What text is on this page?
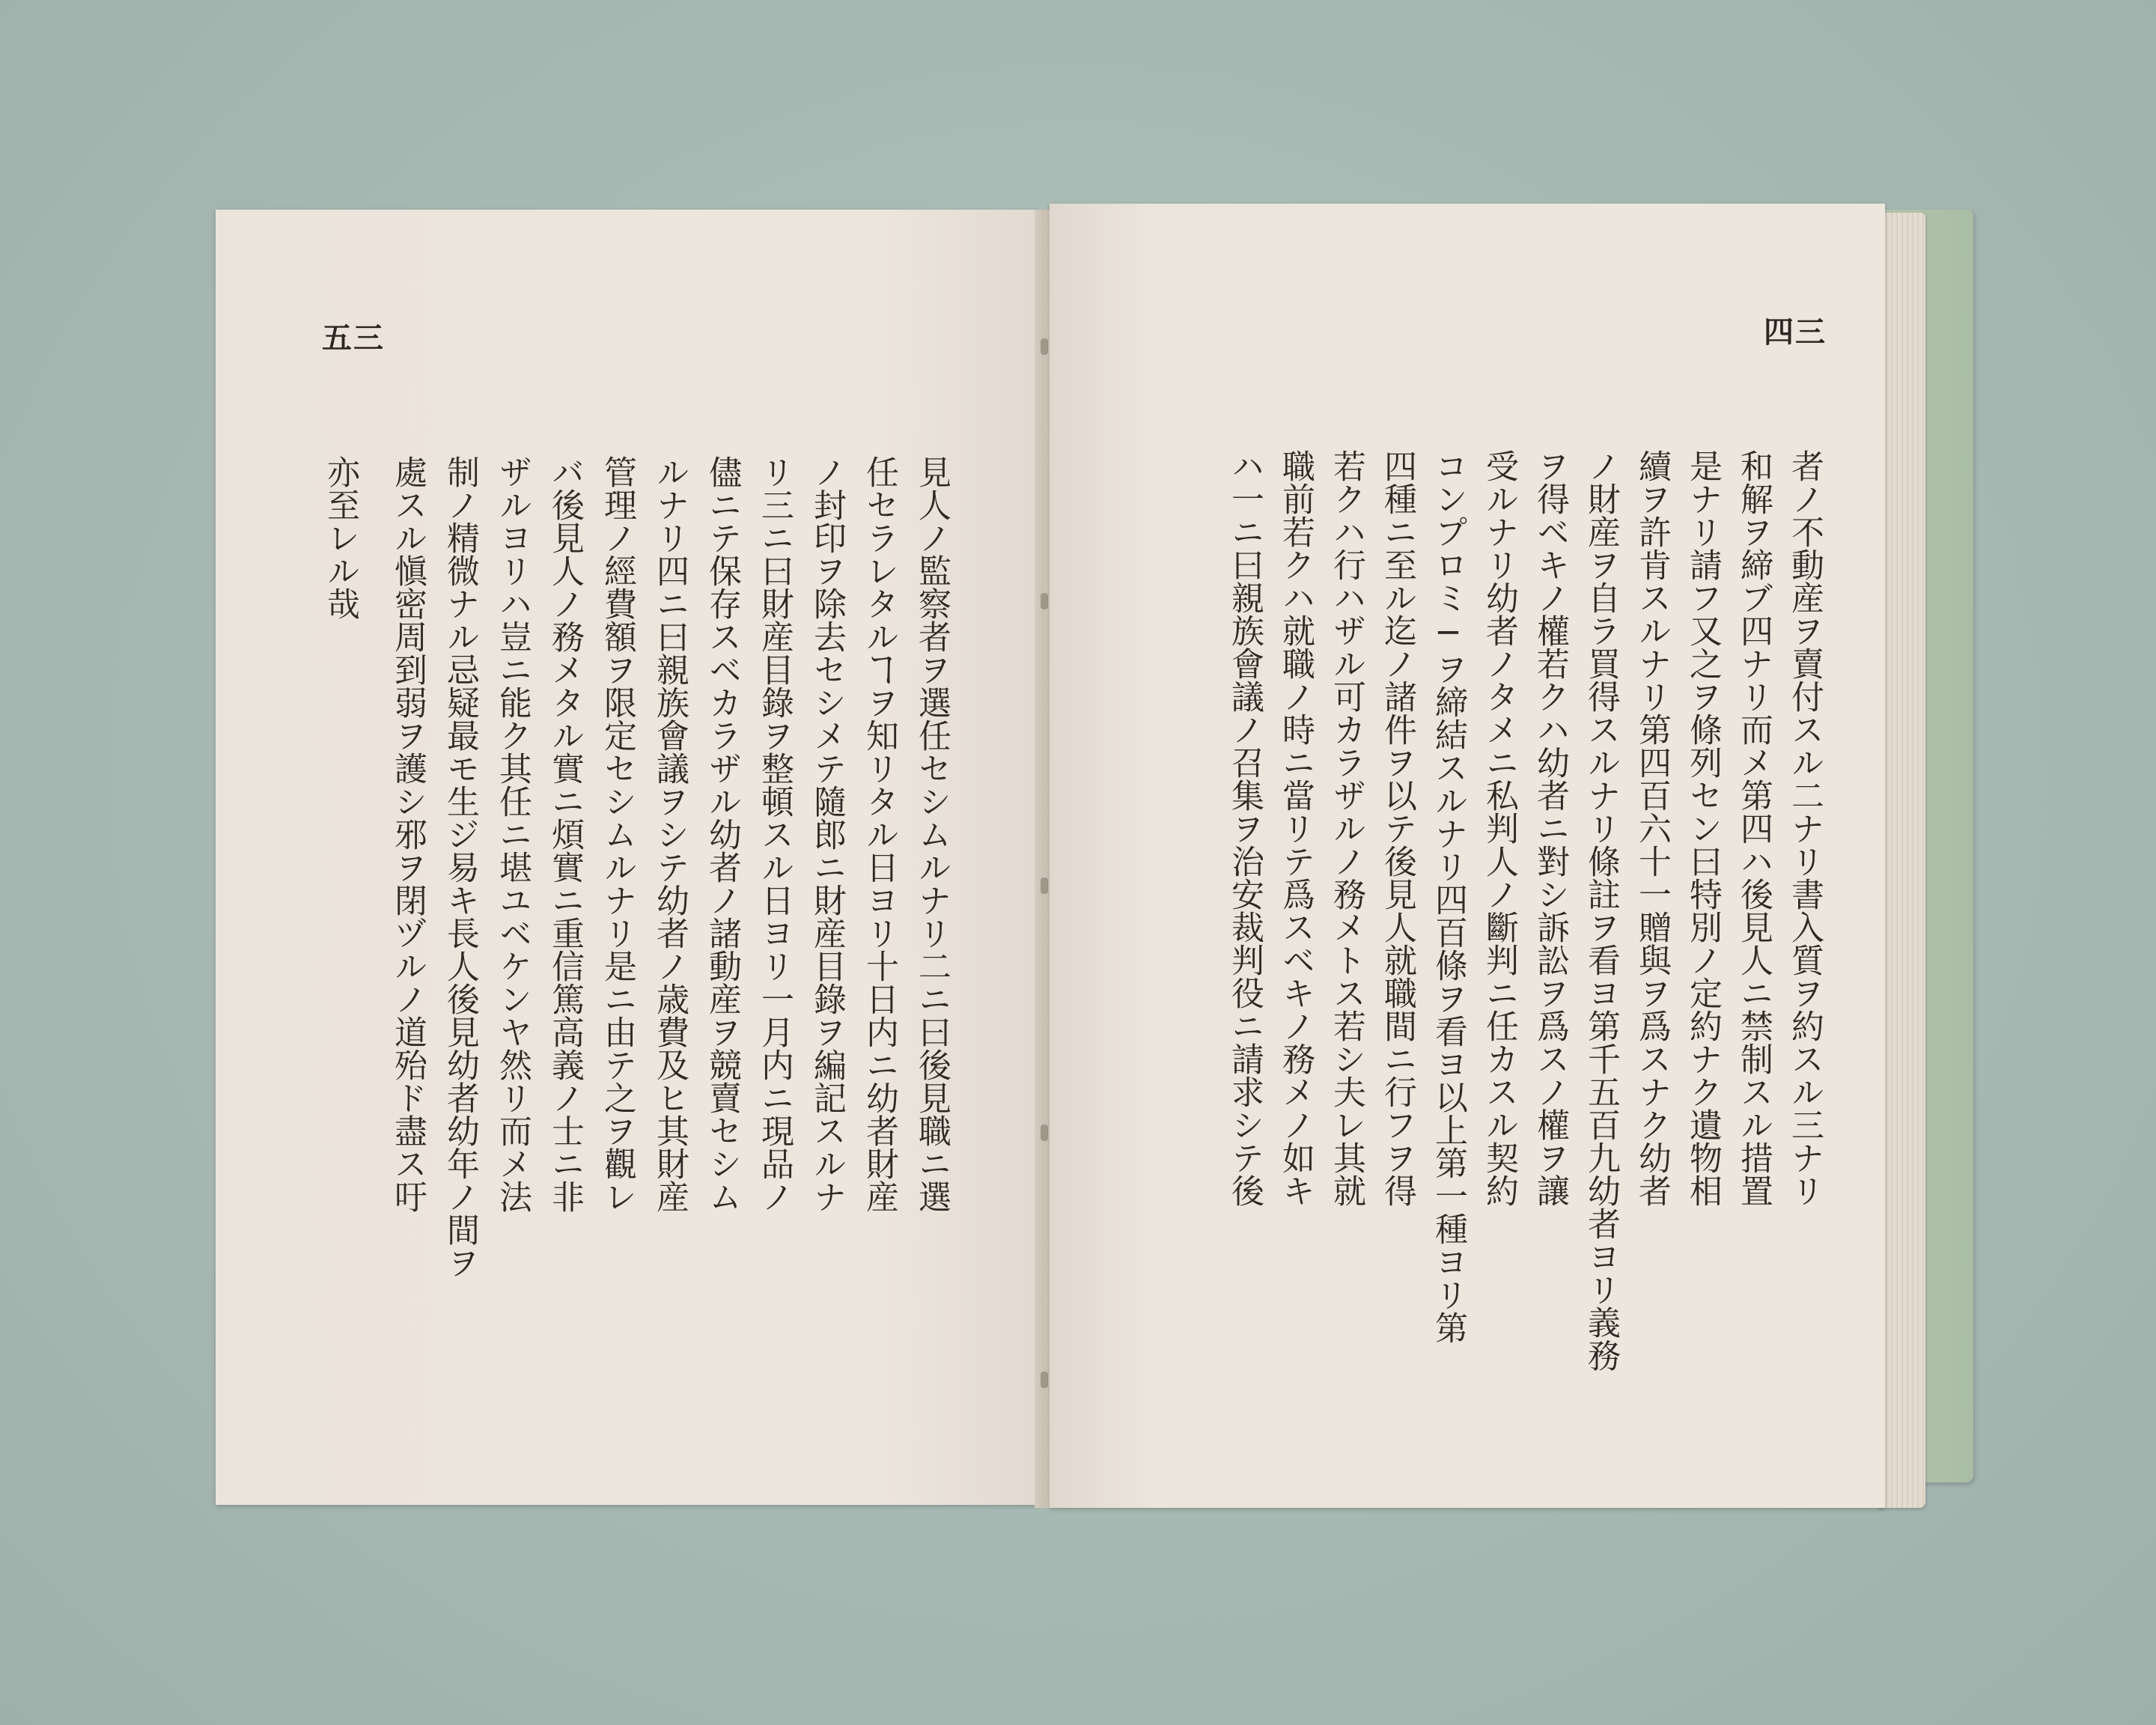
五三
見人ノ監察者ヲ選任セシムルナリ二ニ曰後見職ニ選
任セラレタルヿヲ知リタル日ヨリ十日内ニ幼者財産
ノ封印ヲ除去セシメテ隨郎ニ財産目錄ヲ編記スルナ
リ三ニ曰財産目錄ヲ整頓スル日ヨリ一月内ニ現品ノ
儘ニテ保存スベカラザル幼者ノ諸動産ヲ競賣セシム
ルナリ四ニ曰親族會議ヲシテ幼者ノ歳費及ヒ其財産
管理ノ經費額ヲ限定セシムルナリ是ニ由テ之ヲ觀レ
バ後見人ノ務メタル實ニ煩實ニ重信篤高義ノ士ニ非
ザルヨリハ豈ニ能ク其任ニ堪ユベケンヤ然リ而メ法
制ノ精微ナル忌疑最モ生ジ易キ長人後見幼者幼年ノ間ヲ
處スル愼密周到弱ヲ護シ邪ヲ閉ヅルノ道殆ド盡ス吁
亦至レル哉
四三
者ノ不動産ヲ賣付スル二ナリ書入質ヲ約スル三ナリ
和解ヲ締ブ四ナリ而メ第四ハ後見人ニ禁制スル措置
是ナリ請フ又之ヲ條列セン曰特別ノ定約ナク遺物相
續ヲ許肯スルナリ第四百六十一贈與ヲ爲スナク幼者
ノ財産ヲ自ラ買得スルナリ條註ヲ看ヨ第千五百九幼者ヨリ義務
ヲ得ベキノ權若クハ幼者ニ對シ訴訟ヲ爲スノ權ヲ讓
受ルナリ幼者ノタメニ私判人ノ斷判ニ任カスル契約
コンプロミ─ヲ締結スルナリ四百條ヲ看ヨ以上第一種ヨリ第
四種ニ至ル迄ノ諸件ヲ以テ後見人就職間ニ行フヲ得
若クハ行ハザル可カラザルノ務メトス若シ夫レ其就
職前若クハ就職ノ時ニ當リテ爲スベキノ務メノ如キ
ハ一ニ曰親族會議ノ召集ヲ治安裁判役ニ請求シテ後
